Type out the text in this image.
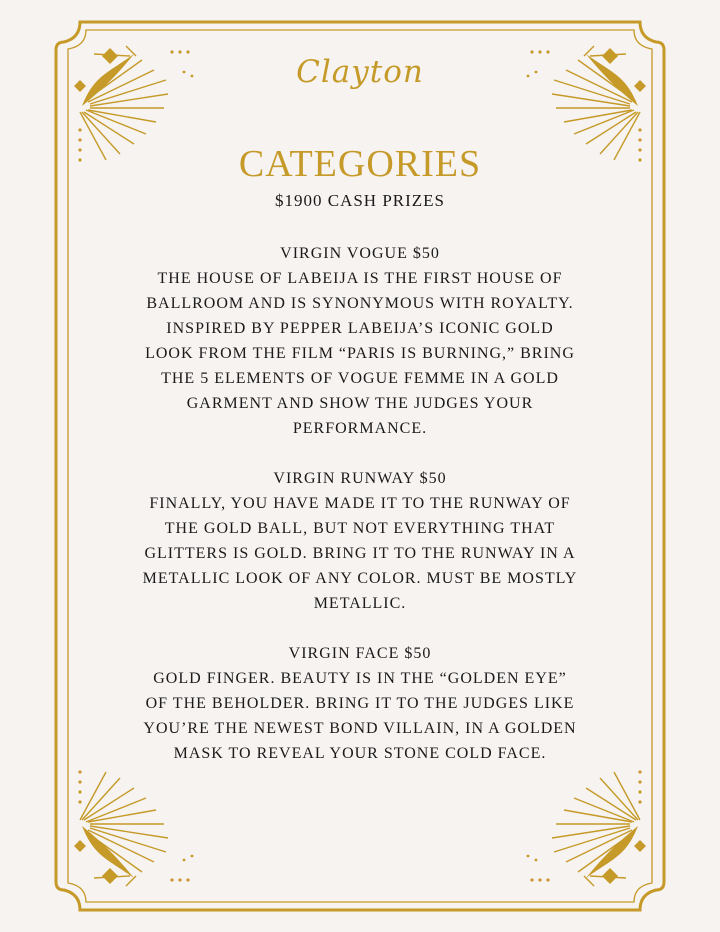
Clayton
CATEGORIES
$1900 CASH PRIZES
VIRGIN VOGUE $50
THE HOUSE OF LABEIJA IS THE FIRST HOUSE OF BALLROOM AND IS SYNONYMOUS WITH ROYALTY. INSPIRED BY PEPPER LABEIJA’S ICONIC GOLD LOOK FROM THE FILM “PARIS IS BURNING,” BRING THE 5 ELEMENTS OF VOGUE FEMME IN A GOLD GARMENT AND SHOW THE JUDGES YOUR PERFORMANCE.
VIRGIN RUNWAY $50
FINALLY, YOU HAVE MADE IT TO THE RUNWAY OF THE GOLD BALL, BUT NOT EVERYTHING THAT GLITTERS IS GOLD. BRING IT TO THE RUNWAY IN A METALLIC LOOK OF ANY COLOR. MUST BE MOSTLY METALLIC.
VIRGIN FACE $50
GOLD FINGER. BEAUTY IS IN THE “GOLDEN EYE” OF THE BEHOLDER. BRING IT TO THE JUDGES LIKE YOU’RE THE NEWEST BOND VILLAIN, IN A GOLDEN MASK TO REVEAL YOUR STONE COLD FACE.
